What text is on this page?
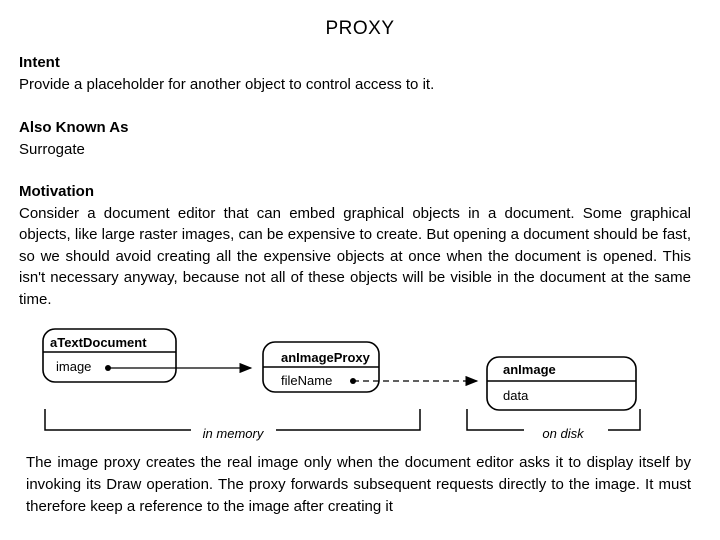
PROXY
Intent
Provide a placeholder for another object to control access to it.
Also Known As
Surrogate
Motivation
Consider a document editor that can embed graphical objects in a document. Some graphical objects, like large raster images, can be expensive to create. But opening a document should be fast, so we should avoid creating all the expensive objects at once when the document is opened. This isn't necessary anyway, because not all of these objects will be visible in the document at the same time.
aTextDocument
image
anImageProxy
fileName
anImage
data
in memory	on disk
The image proxy creates the real image only when the document editor asks it to display itself by invoking its Draw operation. The proxy forwards subsequent requests directly to the image. It must therefore keep a reference to the image after creating it
